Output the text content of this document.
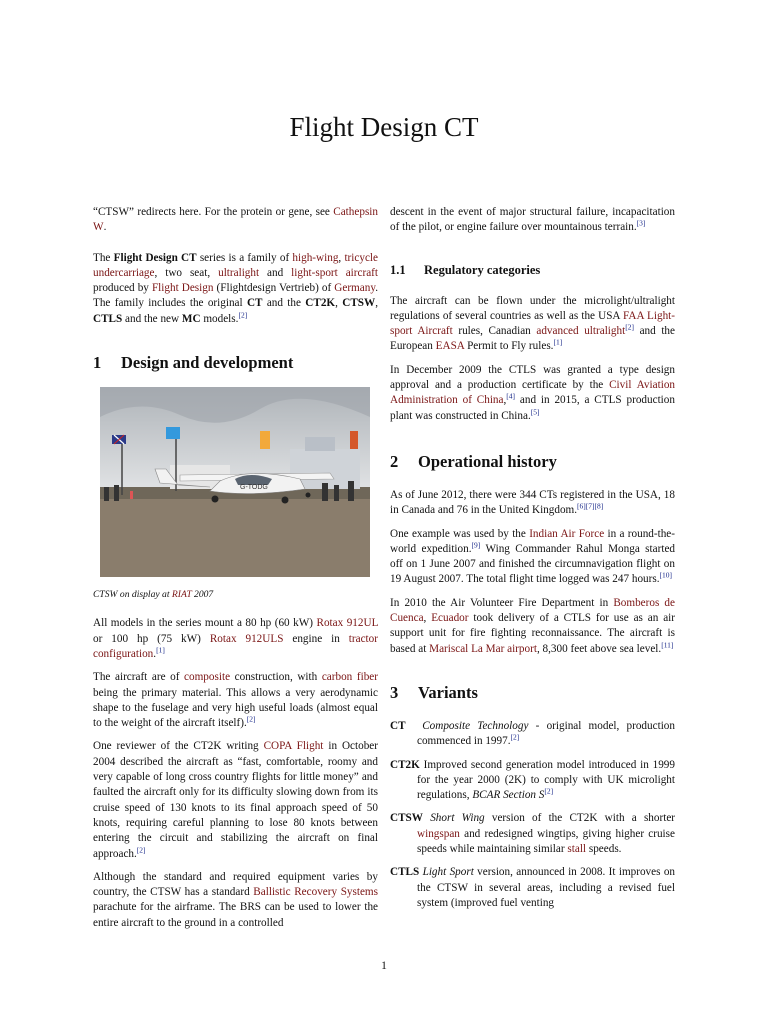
Flight Design CT

“CTSW” redirects here. For the protein or gene, see Cathepsin W.

The Flight Design CT series is a family of high-wing, tricycle undercarriage, two seat, ultralight and light-sport aircraft produced by Flight Design (Flightdesign Vertrieb) of Germany. The family includes the original CT and the CT2K, CTSW, CTLS and the new MC models.[2]

1 Design and development
G-TODG
CTSW on display at RIAT 2007

All models in the series mount a 80 hp (60 kW) Rotax 912UL or 100 hp (75 kW) Rotax 912ULS engine in tractor configuration.[1]

The aircraft are of composite construction, with carbon fiber being the primary material. This allows a very aerodynamic shape to the fuselage and very high useful loads (almost equal to the weight of the aircraft itself).[2]

One reviewer of the CT2K writing COPA Flight in October 2004 described the aircraft as “fast, comfortable, roomy and very capable of long cross country flights for little money” and faulted the aircraft only for its difficulty slowing down from its cruise speed of 130 knots to its final approach speed of 50 knots, requiring careful planning to lose 80 knots between entering the circuit and stabilizing the aircraft on final approach.[2]

Although the standard and required equipment varies by country, the CTSW has a standard Ballistic Recovery Systems parachute for the airframe. The BRS can be used to lower the entire aircraft to the ground in a controlled

descent in the event of major structural failure, incapacitation of the pilot, or engine failure over mountainous terrain.[3]

1.1 Regulatory categories

The aircraft can be flown under the microlight/ultralight regulations of several countries as well as the USA FAA Light-sport Aircraft rules, Canadian advanced ultralight[2] and the European EASA Permit to Fly rules.[1]

In December 2009 the CTLS was granted a type design approval and a production certificate by the Civil Aviation Administration of China,[4] and in 2015, a CTLS production plant was constructed in China.[5]

2 Operational history

As of June 2012, there were 344 CTs registered in the USA, 18 in Canada and 76 in the United Kingdom.[6][7][8]

One example was used by the Indian Air Force in a round-the-world expedition.[9] Wing Commander Rahul Monga started off on 1 June 2007 and finished the circumnavigation flight on 19 August 2007. The total flight time logged was 247 hours.[10]

In 2010 the Air Volunteer Fire Department in Bomberos de Cuenca, Ecuador took delivery of a CTLS for use as an air support unit for fire fighting reconnaissance. The aircraft is based at Mariscal La Mar airport, 8,300 feet above sea level.[11]

3 Variants

CT Composite Technology - original model, production commenced in 1997.[2]

CT2K Improved second generation model introduced in 1999 for the year 2000 (2K) to comply with UK microlight regulations, BCAR Section S[2]

CTSW Short Wing version of the CT2K with a shorter wingspan and redesigned wingtips, giving higher cruise speeds while maintaining similar stall speeds.

CTLS Light Sport version, announced in 2008. It improves on the CTSW in several areas, including a revised fuel system (improved fuel venting

1
